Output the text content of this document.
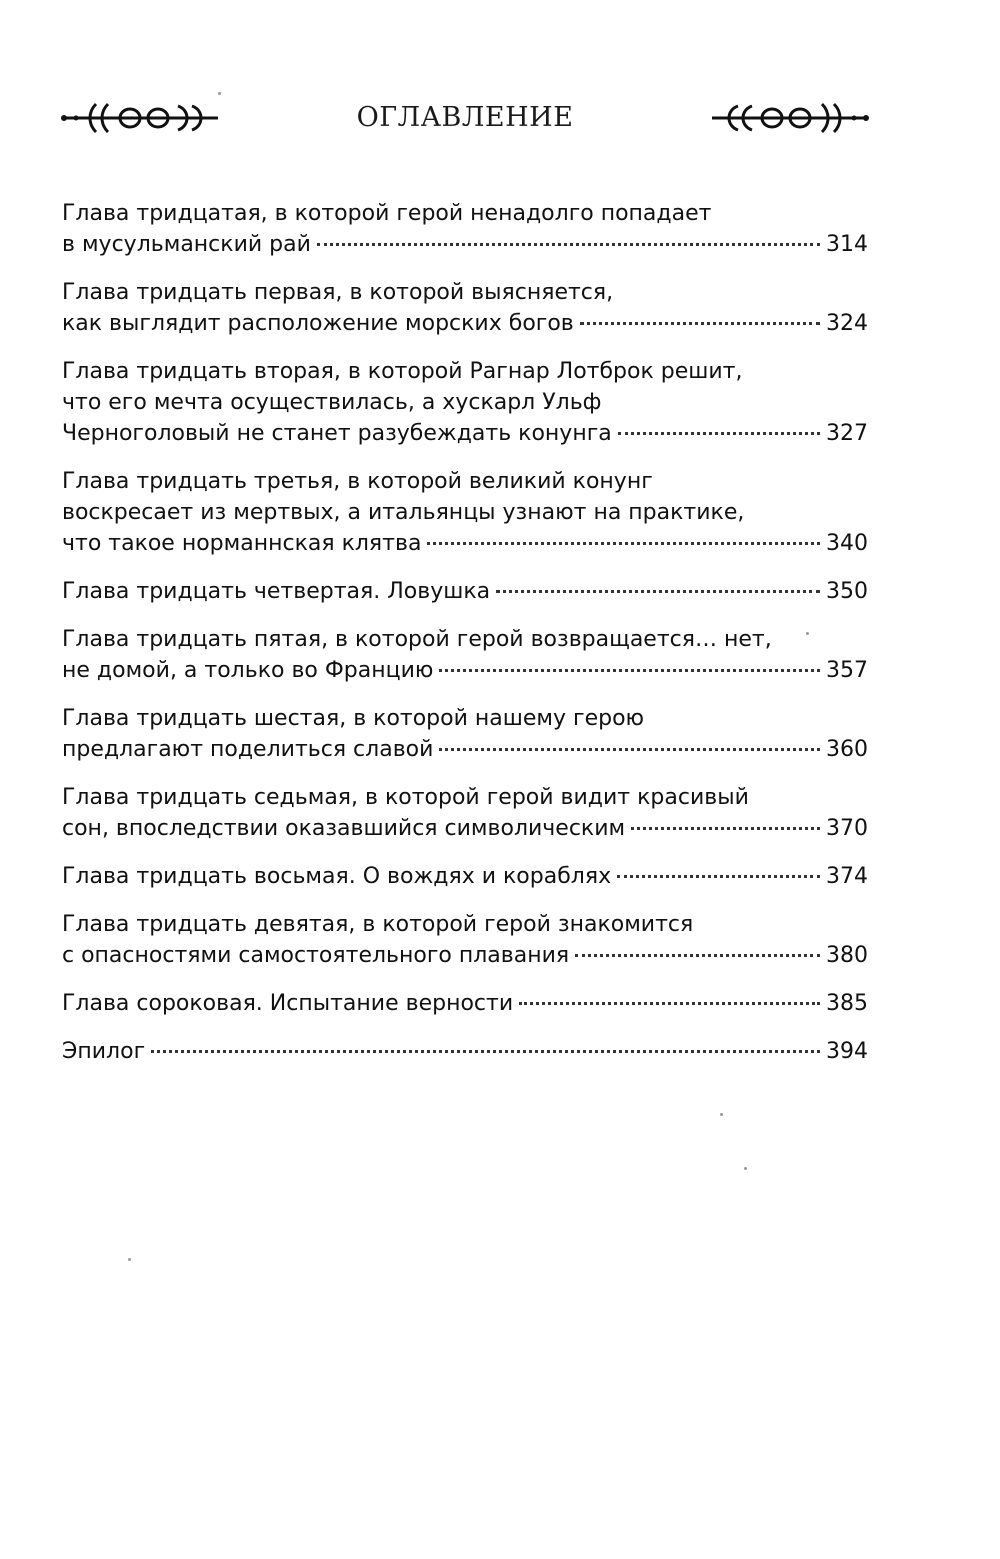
ОГЛАВЛЕНИЕ
Глава тридцатая, в которой герой ненадолго попадает
в мусульманский рай	314
Глава тридцать первая, в которой выясняется,
как выглядит расположение морских богов	324
Глава тридцать вторая, в которой Рагнар Лотброк решит,
что его мечта осуществилась, а хускарл Ульф
Черноголовый не станет разубеждать конунга	327
Глава тридцать третья, в которой великий конунг
воскресает из мертвых, а итальянцы узнают на практике,
что такое норманнская клятва	340
Глава тридцать четвертая. Ловушка	350
Глава тридцать пятая, в которой герой возвращается… нет,
не домой, а только во Францию	357
Глава тридцать шестая, в которой нашему герою
предлагают поделиться славой	360
Глава тридцать седьмая, в которой герой видит красивый
сон, впоследствии оказавшийся символическим	370
Глава тридцать восьмая. О вождях и кораблях	374
Глава тридцать девятая, в которой герой знакомится
с опасностями самостоятельного плавания	380
Глава сороковая. Испытание верности	385
Эпилог	394
